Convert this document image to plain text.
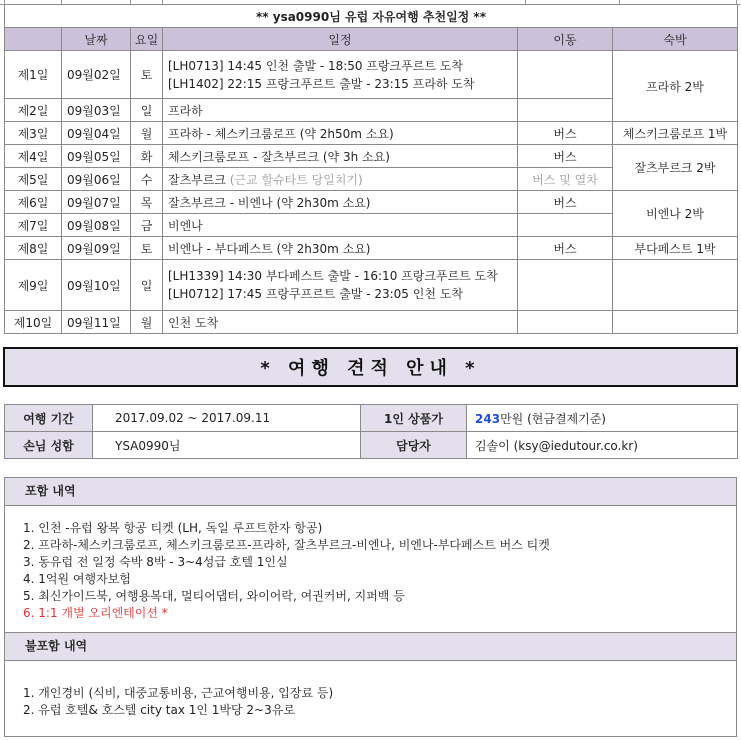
** ysa0990님 유럽 자유여행 추천일정 **					
	날짜	요일	일정	이동	숙박
제1일	09월02일	토	[LH0713] 14:45 인천 출발 - 18:50 프랑크푸르트 도착
[LH1402] 22:15 프랑크푸르트 출발 - 23:15 프라하 도착		프라하 2박
제2일	09월03일	일	프라하		
제3일	09월04일	월	프라하 - 체스키크룸로프 (약 2h50m 소요)	버스	체스키크룸로프 1박
제4일	09월05일	화	체스키크룸로프 - 잘츠부르크 (약 3h 소요)	버스	잘츠부르크 2박
제5일	09월06일	수	잘츠부르크 (근교 할슈타트 당일치기)	버스 및 열차	
제6일	09월07일	목	잘츠부르크 - 비엔나 (약 2h30m 소요)	버스	비엔나 2박
제7일	09월08일	금	비엔나		
제8일	09월09일	토	비엔나 - 부다페스트 (약 2h30m 소요)	버스	부다페스트 1박
제9일	09월10일	일	[LH1339] 14:30 부다페스트 출발 - 16:10 프랑크푸르트 도착
[LH0712] 17:45 프랑쿠프르트 출발 - 23:05 인천 도착		

제10일	09월11일	월	인천 도착		
* 여행 견적 안내 *
여행 기간	2017.09.02 ~ 2017.09.11	1인 상품가	243만원 (현금결제기준)
손님 성함	YSA0990님	담당자	김솔이 (ksy@iedutour.co.kr)
포함 내역
1. 인천 -유럽 왕복 항공 티켓 (LH, 독일 루프트한자 항공)
2. 프라하-체스키크룸로프, 체스키크룸로프-프라하, 잘츠부르크-비엔나, 비엔나-부다페스트 버스 티켓
3. 동유럽 전 일정 숙박 8박 - 3~4성급 호텔 1인실
4. 1억원 여행자보험
5. 최신가이드북, 여행용복대, 멀티어댑터, 와이어락, 여권커버, 지퍼백 등
6. 1:1 개별 오리엔테이션 *
불포함 내역
1. 개인경비 (식비, 대중교통비용, 근교여행비용, 입장료 등)
2. 유럽 호텔& 호스텔 city tax 1인 1박당 2~3유로
